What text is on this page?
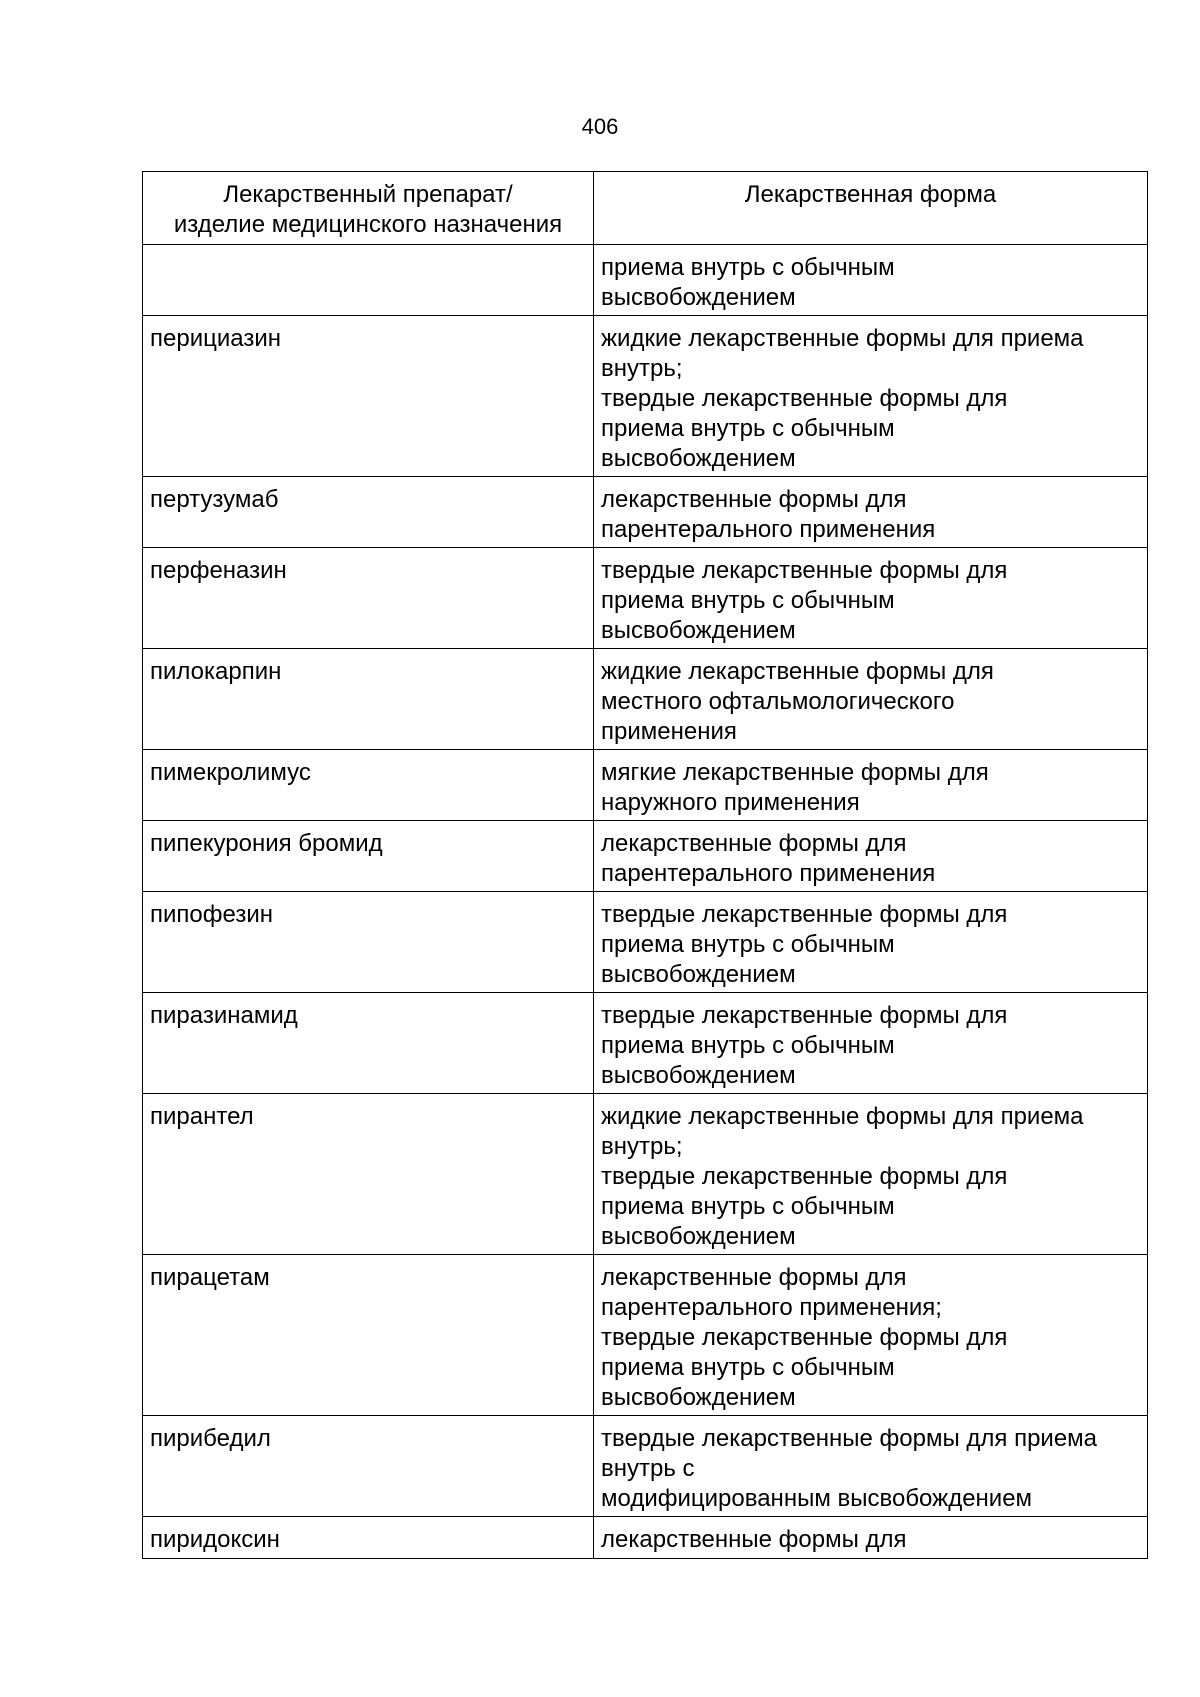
406
Лекарственный препарат/
изделие медицинского назначения	Лекарственная форма
	приема внутрь с обычным
высвобождением
перициазин	жидкие лекарственные формы для приема
внутрь;
твердые лекарственные формы для
приема внутрь с обычным
высвобождением
пертузумаб	лекарственные формы для
парентерального применения
перфеназин	твердые лекарственные формы для
приема внутрь с обычным
высвобождением
пилокарпин	жидкие лекарственные формы для
местного офтальмологического
применения
пимекролимус	мягкие лекарственные формы для
наружного применения
пипекурония бромид	лекарственные формы для
парентерального применения
пипофезин	твердые лекарственные формы для
приема внутрь с обычным
высвобождением
пиразинамид	твердые лекарственные формы для
приема внутрь с обычным
высвобождением
пирантел	жидкие лекарственные формы для приема
внутрь;
твердые лекарственные формы для
приема внутрь с обычным
высвобождением
пирацетам	лекарственные формы для
парентерального применения;
твердые лекарственные формы для
приема внутрь с обычным
высвобождением
пирибедил	твердые лекарственные формы для приема внутрь с
модифицированным высвобождением
пиридоксин	лекарственные формы для
